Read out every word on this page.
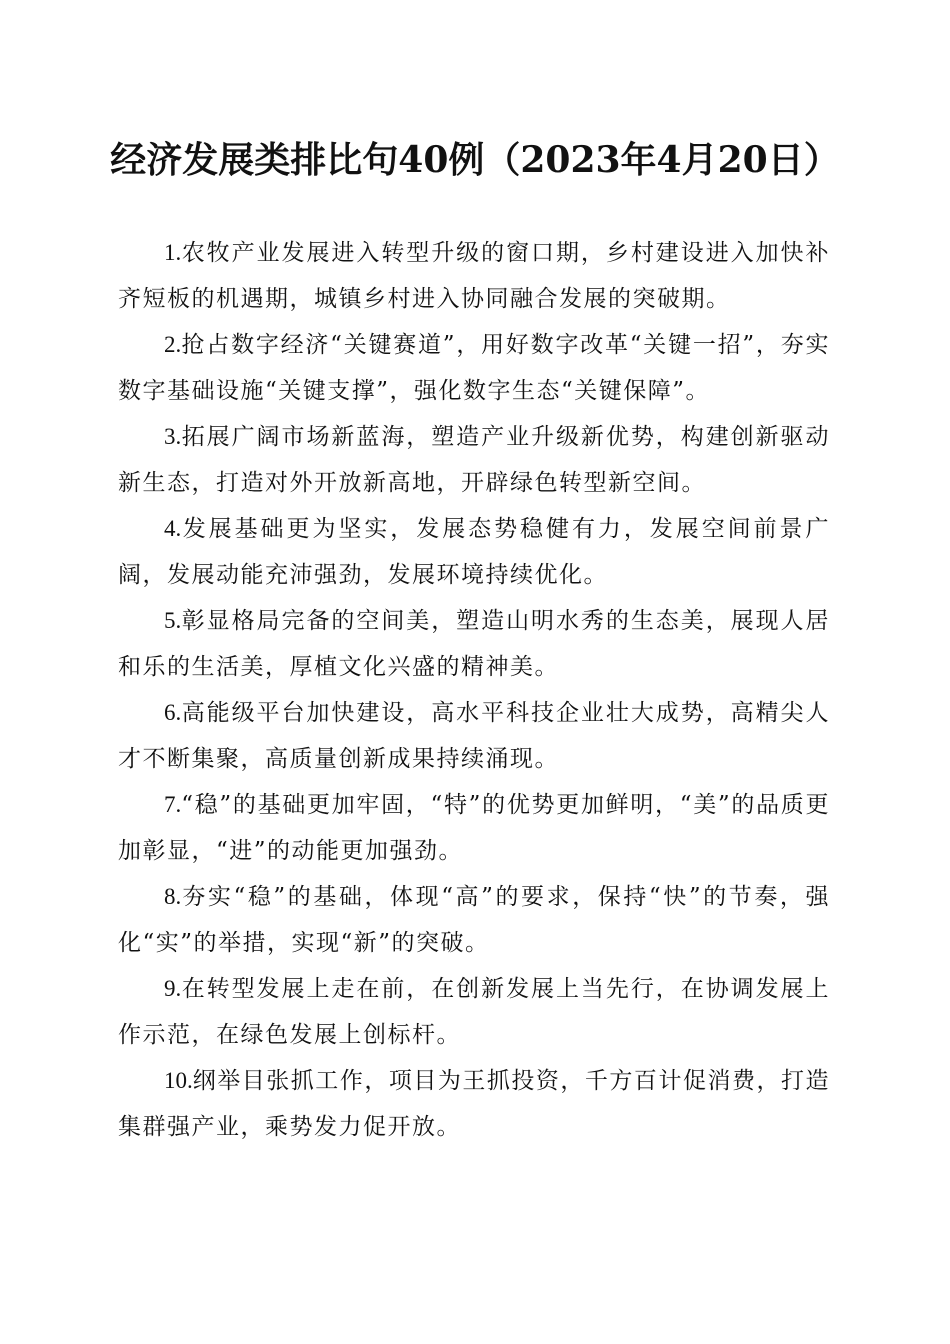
经济发展类排比句40例（2023年4月20日）

1.农牧产业发展进入转型升级的窗口期，乡村建设进入加快补齐短板的机遇期，城镇乡村进入协同融合发展的突破期。

2.抢占数字经济“关键赛道”，用好数字改革“关键一招”，夯实数字基础设施“关键支撑”，强化数字生态“关键保障”。

3.拓展广阔市场新蓝海，塑造产业升级新优势，构建创新驱动新生态，打造对外开放新高地，开辟绿色转型新空间。

4.发展基础更为坚实，发展态势稳健有力，发展空间前景广阔，发展动能充沛强劲，发展环境持续优化。

5.彰显格局完备的空间美，塑造山明水秀的生态美，展现人居和乐的生活美，厚植文化兴盛的精神美。

6.高能级平台加快建设，高水平科技企业壮大成势，高精尖人才不断集聚，高质量创新成果持续涌现。

7.“稳”的基础更加牢固，“特”的优势更加鲜明，“美”的品质更加彰显，“进”的动能更加强劲。

8.夯实“稳”的基础，体现“高”的要求，保持“快”的节奏，强化“实”的举措，实现“新”的突破。

9.在转型发展上走在前，在创新发展上当先行，在协调发展上作示范，在绿色发展上创标杆。

10.纲举目张抓工作，项目为王抓投资，千方百计促消费，打造集群强产业，乘势发力促开放。
